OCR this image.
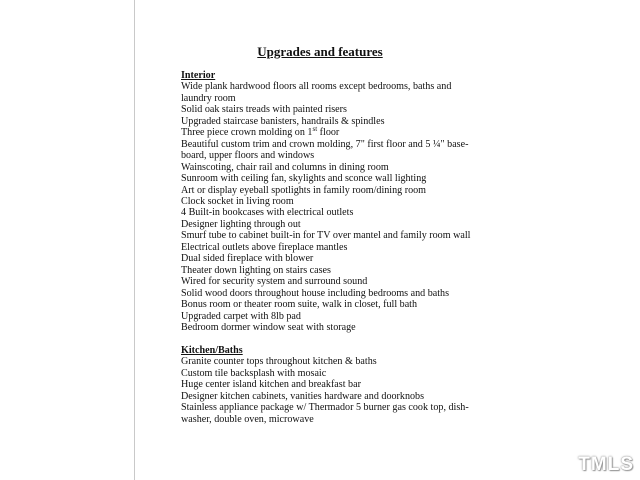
Upgrades and features
Interior
Wide plank hardwood floors all rooms except bedrooms, baths and
laundry room
Solid oak stairs treads with painted risers
Upgraded staircase banisters, handrails & spindles
Three piece crown molding on 1st floor
Beautiful custom trim and crown molding, 7" first floor and 5 ¼" base-
board, upper floors and windows
Wainscoting, chair rail and columns in dining room
Sunroom with ceiling fan, skylights and sconce wall lighting
Art or display eyeball spotlights in family room/dining room
Clock socket in living room
4 Built-in bookcases with electrical outlets
Designer lighting through out
Smurf tube to cabinet built-in for TV over mantel and family room wall
Electrical outlets above fireplace mantles
Dual sided fireplace with blower
Theater down lighting on stairs cases
Wired for security system and surround sound
Solid wood doors throughout house including bedrooms and baths
Bonus room or theater room suite, walk in closet, full bath
Upgraded carpet with 8lb pad
Bedroom dormer window seat with storage
Kitchen/Baths
Granite counter tops throughout kitchen & baths
Custom tile backsplash with mosaic
Huge center island kitchen and breakfast bar
Designer kitchen cabinets, vanities hardware and doorknobs
Stainless appliance package w/ Thermador 5 burner gas cook top, dish-
washer, double oven, microwave
TMLS
